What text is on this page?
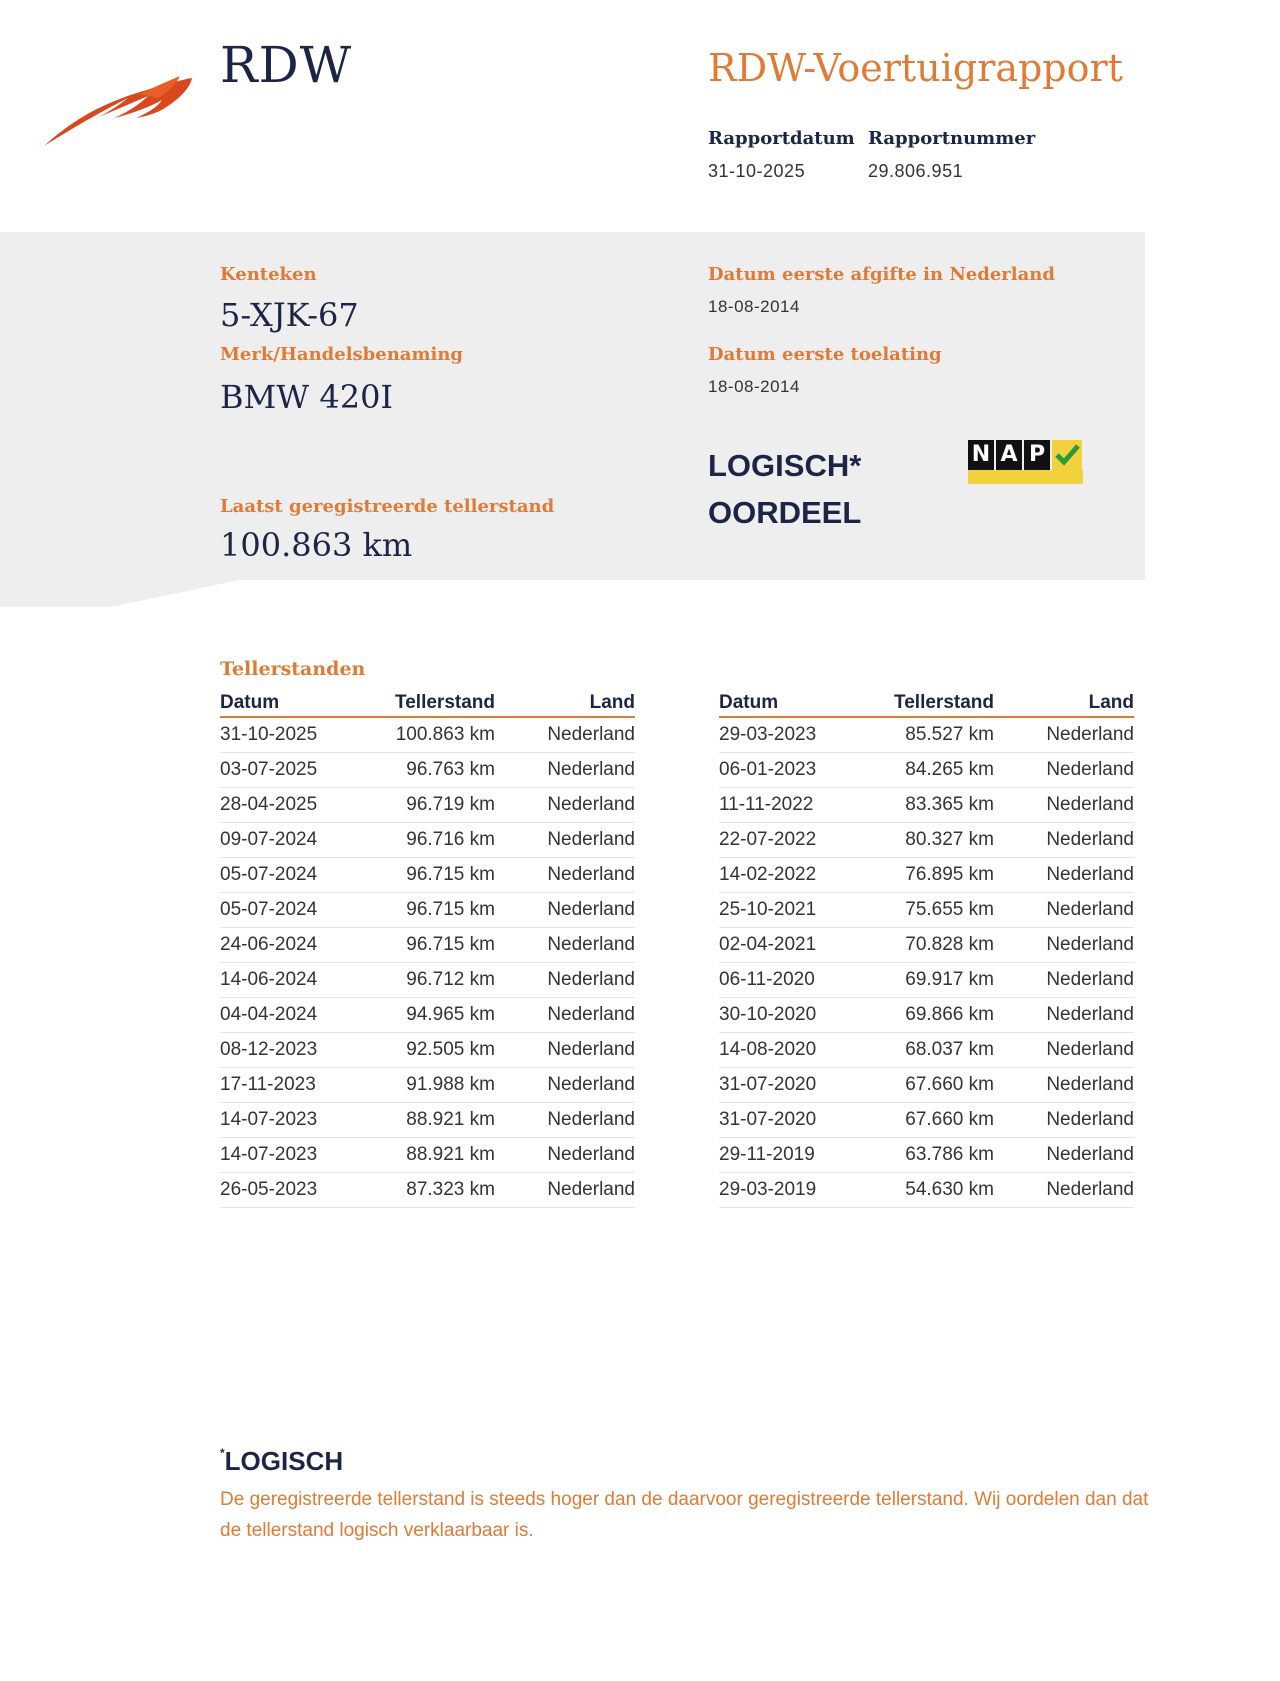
RDW	RDW-Voertuigrapport
Rapportdatum
31-10-2025
Rapportnummer
29.806.951
Kenteken
5-XJK-67
Merk/Handelsbenaming
BMW 420I
Laatst geregistreerde tellerstand
100.863 km
Datum eerste afgifte in Nederland
18-08-2014
Datum eerste toelating
18-08-2014
LOGISCH*
OORDEEL
N A P
Tellerstanden
Datum	Tellerstand	Land
31-10-2025	100.863 km	Nederland
03-07-2025	96.763 km	Nederland
28-04-2025	96.719 km	Nederland
09-07-2024	96.716 km	Nederland
05-07-2024	96.715 km	Nederland
05-07-2024	96.715 km	Nederland
24-06-2024	96.715 km	Nederland
14-06-2024	96.712 km	Nederland
04-04-2024	94.965 km	Nederland
08-12-2023	92.505 km	Nederland
17-11-2023	91.988 km	Nederland
14-07-2023	88.921 km	Nederland
14-07-2023	88.921 km	Nederland
26-05-2023	87.323 km	Nederland
Datum	Tellerstand	Land
29-03-2023	85.527 km	Nederland
06-01-2023	84.265 km	Nederland
11-11-2022	83.365 km	Nederland
22-07-2022	80.327 km	Nederland
14-02-2022	76.895 km	Nederland
25-10-2021	75.655 km	Nederland
02-04-2021	70.828 km	Nederland
06-11-2020	69.917 km	Nederland
30-10-2020	69.866 km	Nederland
14-08-2020	68.037 km	Nederland
31-07-2020	67.660 km	Nederland
31-07-2020	67.660 km	Nederland
29-11-2019	63.786 km	Nederland
29-03-2019	54.630 km	Nederland
*LOGISCH
De geregistreerde tellerstand is steeds hoger dan de daarvoor geregistreerde tellerstand. Wij oordelen dan dat de tellerstand logisch verklaarbaar is.
